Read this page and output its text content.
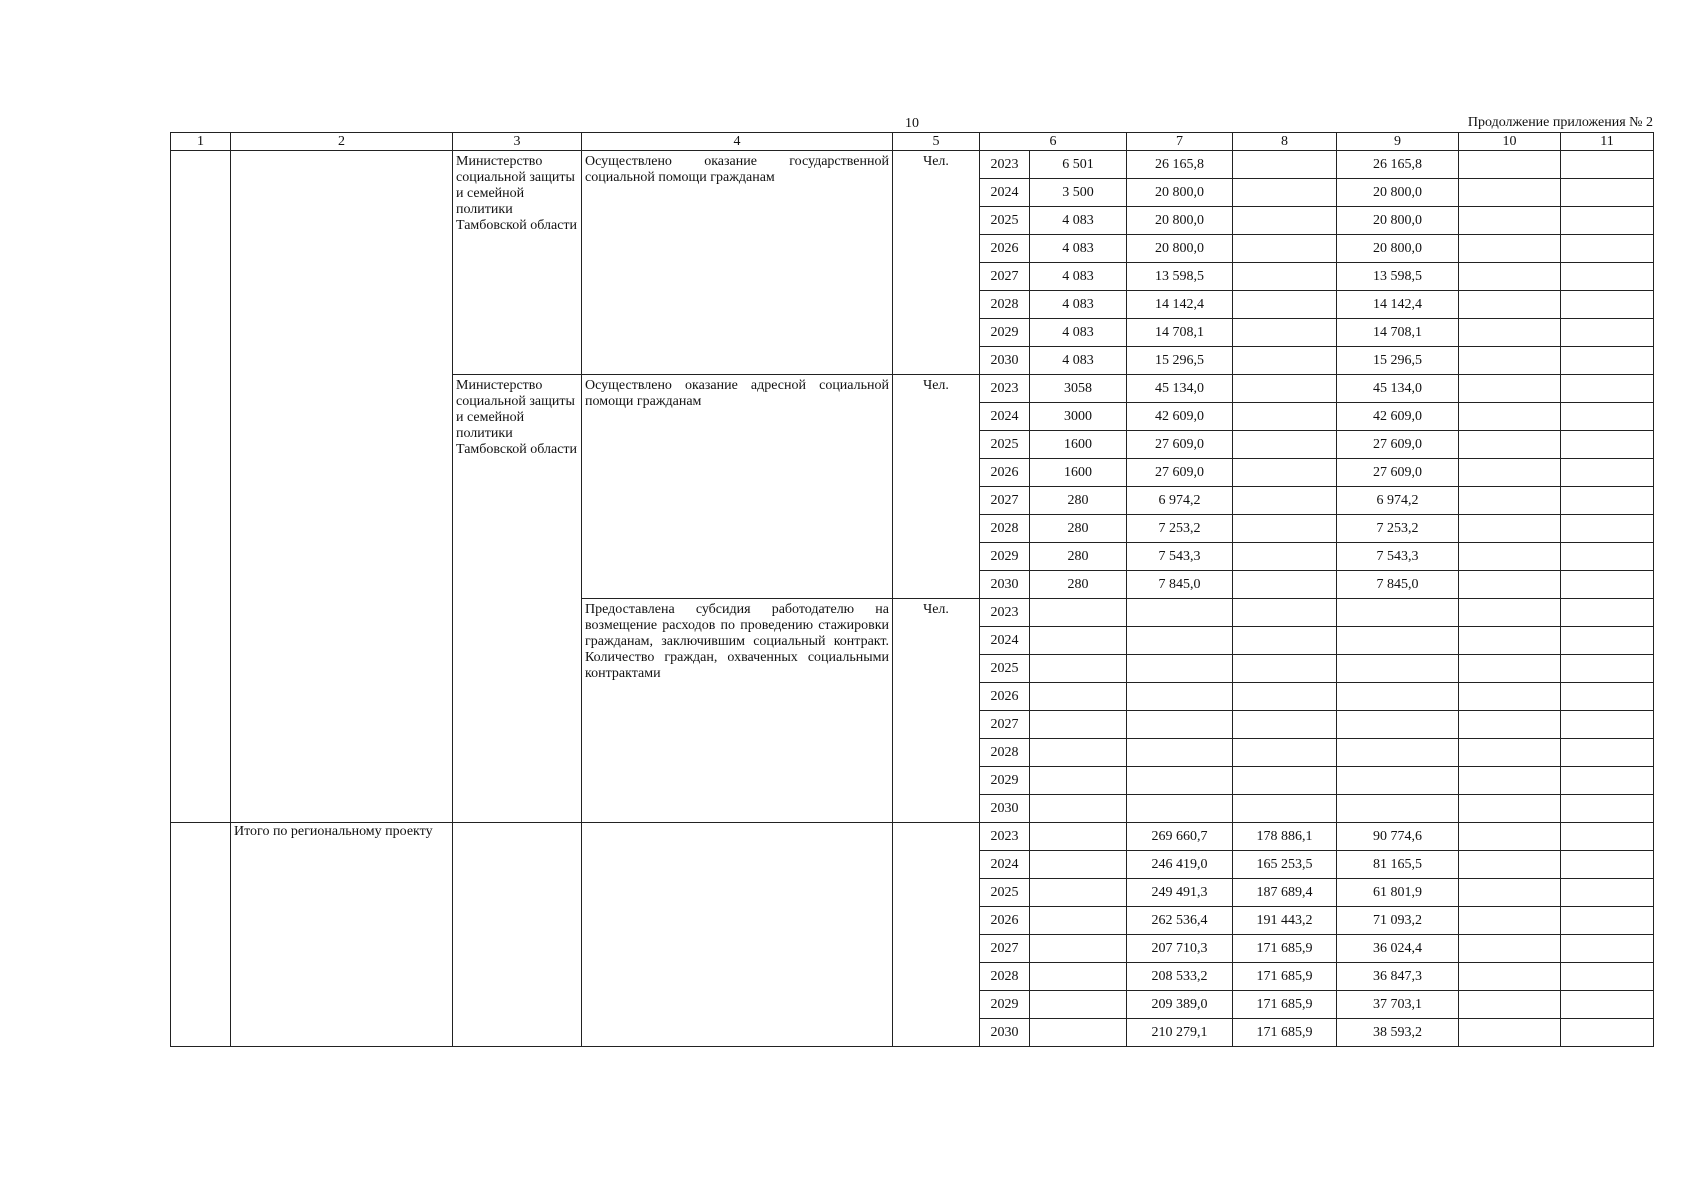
10	Продолжение приложения № 2
1	2	3	4	5	6		7	8	9	10	11
		Министерство социальной защиты и семейной политики Тамбовской области	Осуществлено оказание государственной социальной помощи гражданам	Чел.	2023	6 501	26 165,8		26 165,8		
					2024	3 500	20 800,0		20 800,0		
					2025	4 083	20 800,0		20 800,0		
					2026	4 083	20 800,0		20 800,0		
					2027	4 083	13 598,5		13 598,5		
					2028	4 083	14 142,4		14 142,4		
					2029	4 083	14 708,1		14 708,1		
					2030	4 083	15 296,5		15 296,5		
		Министерство социальной защиты и семейной политики Тамбовской области	Осуществлено оказание адресной социальной помощи гражданам	Чел.	2023	3058	45 134,0		45 134,0		
					2024	3000	42 609,0		42 609,0		
					2025	1600	27 609,0		27 609,0		
					2026	1600	27 609,0		27 609,0		
					2027	280	6 974,2		6 974,2		
					2028	280	7 253,2		7 253,2		
					2029	280	7 543,3		7 543,3		
					2030	280	7 845,0		7 845,0		
			Предоставлена субсидия работодателю на возмещение расходов по проведению стажировки гражданам, заключившим социальный контракт. Количество граждан, охваченных социальными контрактами	Чел.	2023						
					2024						
					2025						
					2026						
					2027						
					2028						
					2029						
					2030						
	Итого по региональному проекту				2023		269 660,7	178 886,1	90 774,6		
					2024		246 419,0	165 253,5	81 165,5		
					2025		249 491,3	187 689,4	61 801,9		
					2026		262 536,4	191 443,2	71 093,2		
					2027		207 710,3	171 685,9	36 024,4		
					2028		208 533,2	171 685,9	36 847,3		
					2029		209 389,0	171 685,9	37 703,1		
					2030		210 279,1	171 685,9	38 593,2		
